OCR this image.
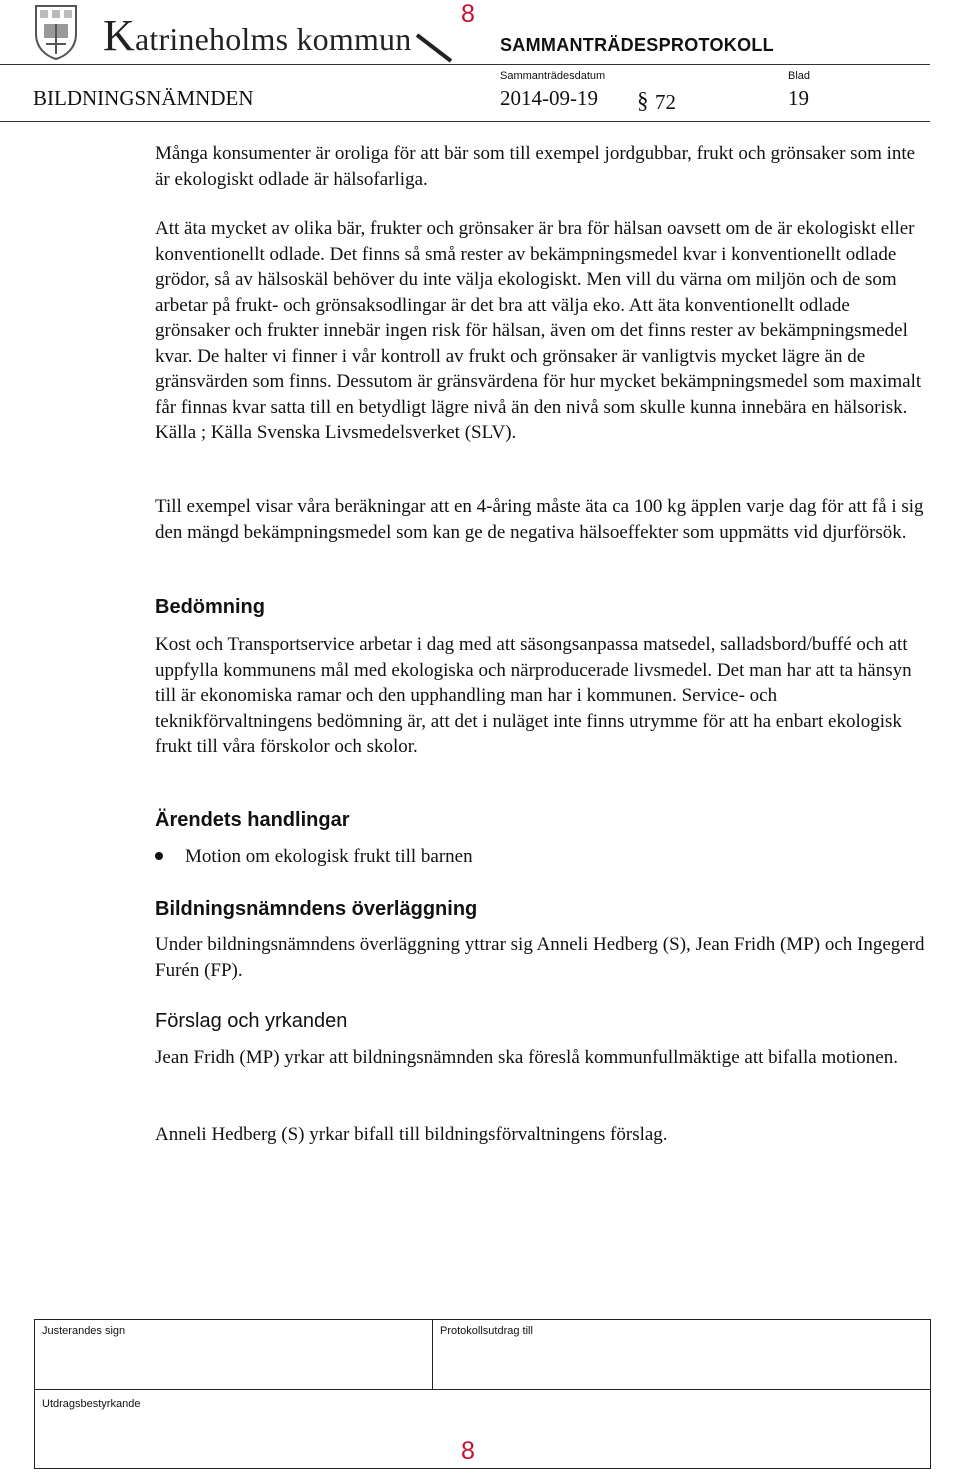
Katrineholms kommun
8
SAMMANTRÄDESPROTOKOLL
Sammanträdesdatum	Blad
BILDNINGSNÄMNDEN	2014-09-19 § 72	19

Många konsumenter är oroliga för att bär som till exempel jordgubbar, frukt och grönsaker som inte är ekologiskt odlade är hälsofarliga.

Att äta mycket av olika bär, frukter och grönsaker är bra för hälsan oavsett om de är ekologiskt eller konventionellt odlade. Det finns så små rester av bekämpningsmedel kvar i konventionellt odlade grödor, så av hälsoskäl behöver du inte välja ekologiskt. Men vill du värna om miljön och de som arbetar på frukt- och grönsaksodlingar är det bra att välja eko. Att äta konventionellt odlade grönsaker och frukter innebär ingen risk för hälsan, även om det finns rester av bekämpningsmedel kvar. De halter vi finner i vår kontroll av frukt och grönsaker är vanligtvis mycket lägre än de gränsvärden som finns. Dessutom är gränsvärdena för hur mycket bekämpningsmedel som maximalt får finnas kvar satta till en betydligt lägre nivå än den nivå som skulle kunna innebära en hälsorisk. Källa ; Källa Svenska Livsmedelsverket (SLV).

Till exempel visar våra beräkningar att en 4-åring måste äta ca 100 kg äpplen varje dag för att få i sig den mängd bekämpningsmedel som kan ge de negativa hälsoeffekter som uppmätts vid djurförsök.

Bedömning

Kost och Transportservice arbetar i dag med att säsongsanpassa matsedel, salladsbord/buffé och att uppfylla kommunens mål med ekologiska och närproducerade livsmedel. Det man har att ta hänsyn till är ekonomiska ramar och den upphandling man har i kommunen. Service- och teknikförvaltningens bedömning är, att det i nuläget inte finns utrymme för att ha enbart ekologisk frukt till våra förskolor och skolor.

Ärendets handlingar
Motion om ekologisk frukt till barnen
Bildningsnämndens överläggning

Under bildningsnämndens överläggning yttrar sig Anneli Hedberg (S), Jean Fridh (MP) och Ingegerd Furén (FP).

Förslag och yrkanden

Jean Fridh (MP) yrkar att bildningsnämnden ska föreslå kommunfullmäktige att bifalla motionen.

Anneli Hedberg (S) yrkar bifall till bildningsförvaltningens förslag.

Justerandes sign	Protokollsutdrag till
Utdragsbestyrkande
8
